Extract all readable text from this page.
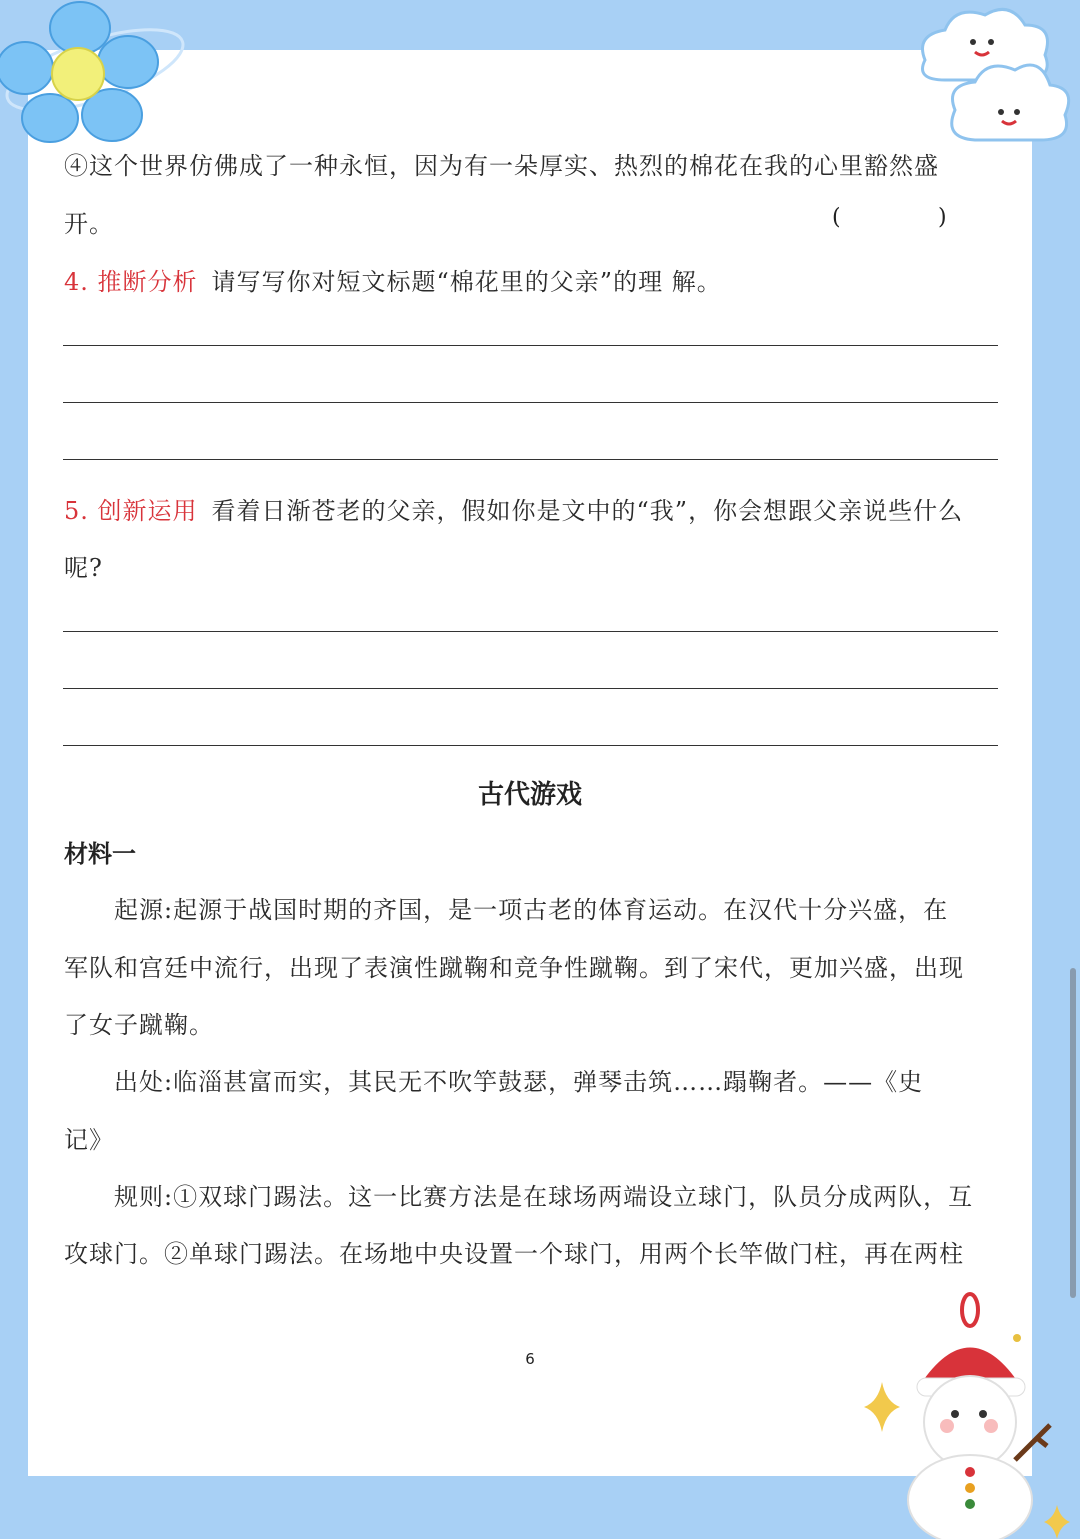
④这个世界仿佛成了一种永恒，因为有一朵厚实、热烈的棉花在我的心里豁然盛
开。	(	)
4. 推断分析 请写写你对短文标题“棉花里的父亲”的理 解。
5. 创新运用 看着日渐苍老的父亲，假如你是文中的“我”，你会想跟父亲说些什么
呢?
古代游戏
材料一
起源:起源于战国时期的齐国，是一项古老的体育运动。在汉代十分兴盛，在
军队和宫廷中流行，出现了表演性蹴鞠和竞争性蹴鞠。到了宋代，更加兴盛，出现
了女子蹴鞠。
出处:临淄甚富而实，其民无不吹竽鼓瑟，弹琴击筑……蹋鞠者。——《史
记》
规则:①双球门踢法。这一比赛方法是在球场两端设立球门，队员分成两队，互
攻球门。②单球门踢法。在场地中央设置一个球门，用两个长竿做门柱，再在两柱
6
